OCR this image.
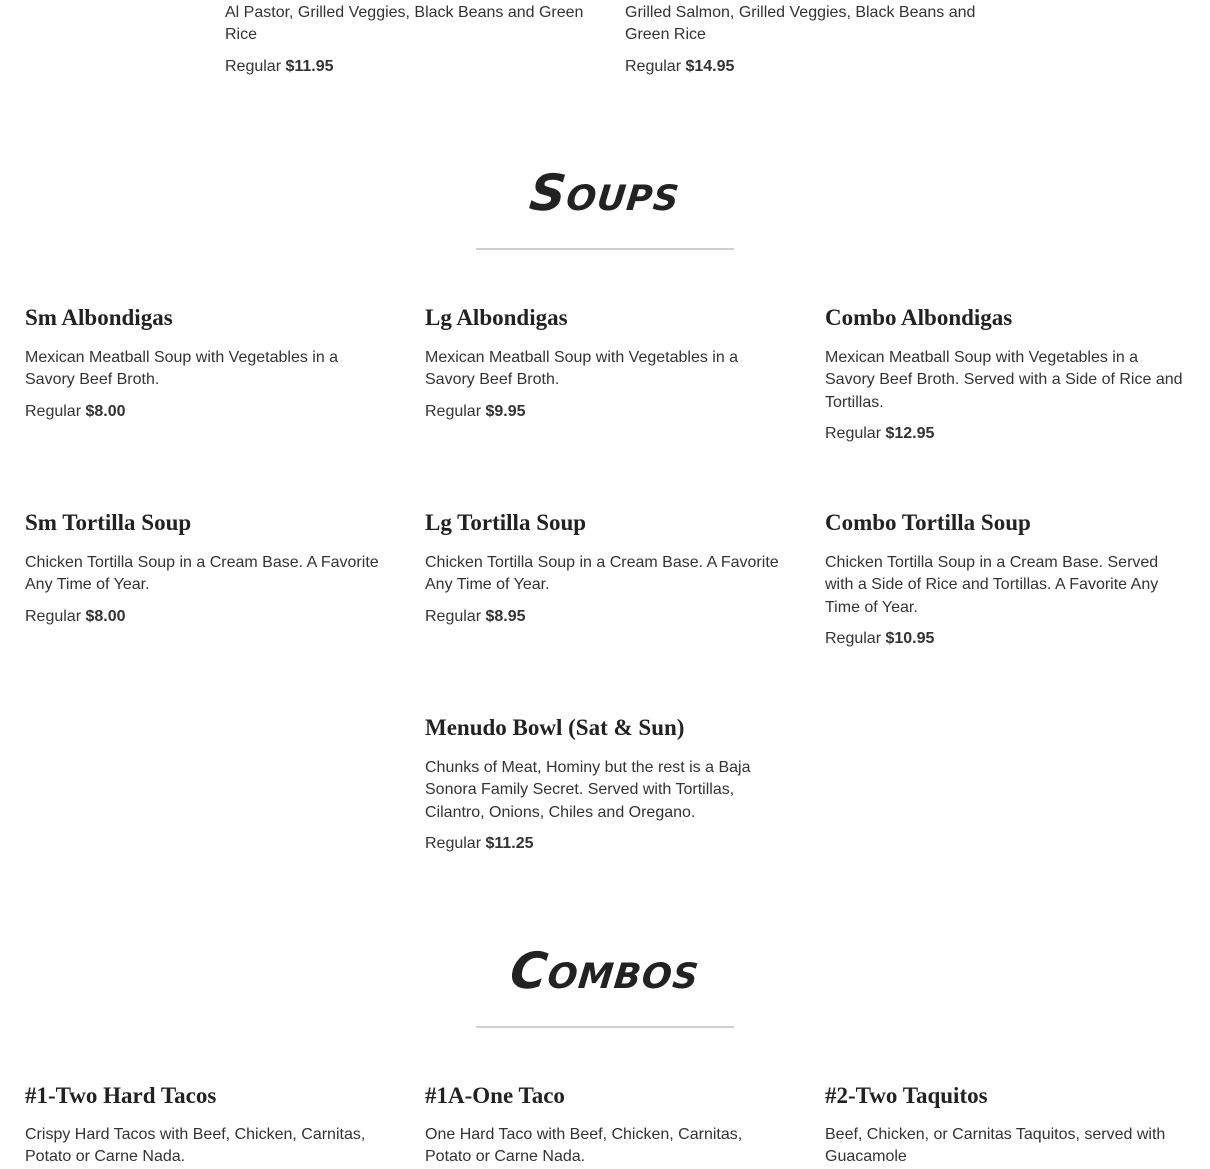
Al Pastor, Grilled Veggies, Black Beans and Green Rice

Regular $11.95

Grilled Salmon, Grilled Veggies, Black Beans and Green Rice

Regular $14.95

Soups
Sm Albondigas

Mexican Meatball Soup with Vegetables in a Savory Beef Broth.

Regular $8.00

Lg Albondigas

Mexican Meatball Soup with Vegetables in a Savory Beef Broth.

Regular $9.95

Combo Albondigas

Mexican Meatball Soup with Vegetables in a Savory Beef Broth. Served with a Side of Rice and Tortillas.

Regular $12.95

Sm Tortilla Soup

Chicken Tortilla Soup in a Cream Base. A Favorite Any Time of Year.

Regular $8.00

Lg Tortilla Soup

Chicken Tortilla Soup in a Cream Base. A Favorite Any Time of Year.

Regular $8.95

Combo Tortilla Soup

Chicken Tortilla Soup in a Cream Base. Served with a Side of Rice and Tortillas. A Favorite Any Time of Year.

Regular $10.95

Menudo Bowl (Sat & Sun)

Chunks of Meat, Hominy but the rest is a Baja Sonora Family Secret. Served with Tortillas, Cilantro, Onions, Chiles and Oregano.

Regular $11.25

Combos
#1-Two Hard Tacos

Crispy Hard Tacos with Beef, Chicken, Carnitas, Potato or Carne Nada.

#1A-One Taco

One Hard Taco with Beef, Chicken, Carnitas, Potato or Carne Nada.

#2-Two Taquitos

Beef, Chicken, or Carnitas Taquitos, served with Guacamole
